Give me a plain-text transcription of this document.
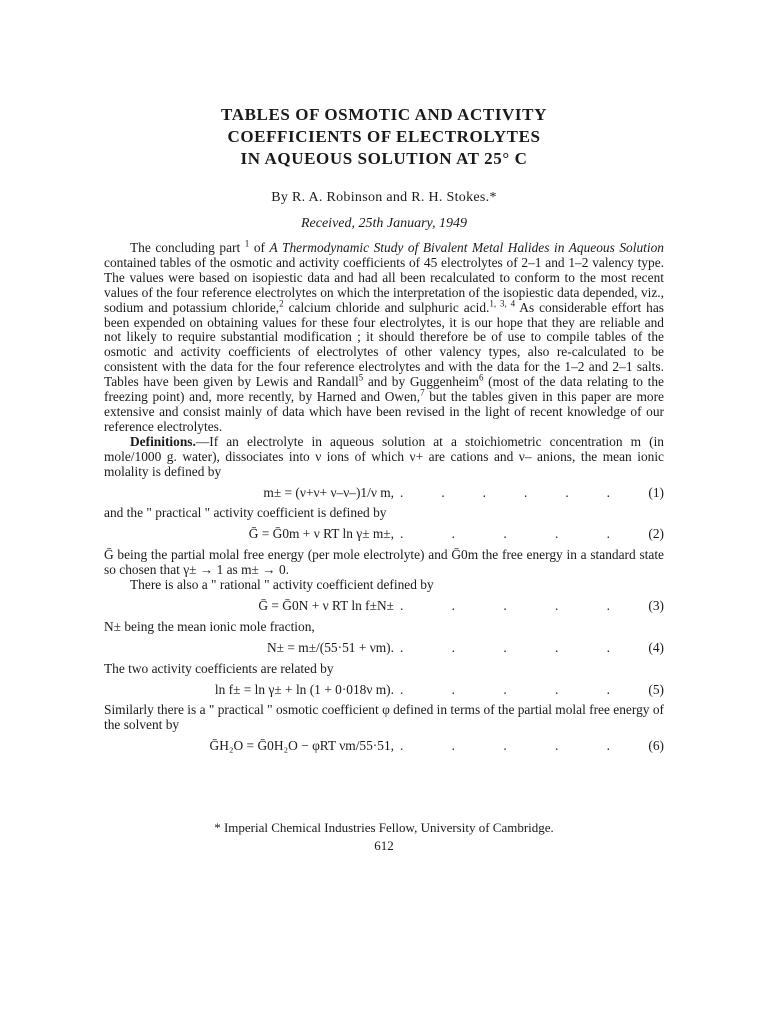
TABLES OF OSMOTIC AND ACTIVITY
COEFFICIENTS OF ELECTROLYTES
IN AQUEOUS SOLUTION AT 25° C
By R. A. Robinson and R. H. Stokes.*
Received, 25th January, 1949

The concluding part $^1$ of A Thermodynamic Study of Bivalent Metal Halides in Aqueous Solution contained tables of the osmotic and activity coefficients of 45 electrolytes of 2–1 and 1–2 valency type. The values were based on isopiestic data and had all been recalculated to conform to the most recent values of the four reference electrolytes on which the interpretation of the isopiestic data depended, viz., sodium and potassium chloride,$^2$ calcium chloride and sulphuric acid.$^{1, 3, 4}$ As considerable effort has been expended on obtaining values for these four electrolytes, it is our hope that they are reliable and not likely to require substantial modification ; it should therefore be of use to compile tables of the osmotic and activity coefficients of electrolytes of other valency types, also re-calculated to be consistent with the data for the four reference electrolytes and with the data for the 1–2 and 2–1 salts. Tables have been given by Lewis and Randall$^5$ and by Guggenheim$^6$ (most of the data relating to the freezing point) and, more recently, by Harned and Owen,$^7$ but the tables given in this paper are more extensive and consist mainly of data which have been revised in the light of recent knowledge of our reference electrolytes.

Definitions.—If an electrolyte in aqueous solution at a stoichiometric concentration m (in mole/1000 g. water), dissociates into ν ions of which ν+ are cations and ν– anions, the mean ionic molality is defined by

m± = (ν+ν+ ν–ν–)1/ν m, .	.	.	.	.	.	(1)

and the " practical " activity coefficient is defined by

Ḡ = Ḡ0m + ν RT ln γ± m±, .	.	.	.	.	(2)

Ḡ being the partial molal free energy (per mole electrolyte) and Ḡ0m the free energy in a standard state so chosen that γ± → 1 as m± → 0.

There is also a " rational " activity coefficient defined by

Ḡ = Ḡ0N + ν RT ln f±N± .	.	.	.	.	(3)

N± being the mean ionic mole fraction,

N± = m±/(55·51 + νm). .	.	.	.	.	(4)

The two activity coefficients are related by

ln f± = ln γ± + ln (1 + 0·018ν m). .	.	.	.	.	(5)

Similarly there is a " practical " osmotic coefficient φ defined in terms of the partial molal free energy of the solvent by

ḠH₂O = Ḡ0H₂O − φRT νm/55·51, .	.	.	.	.	(6)
* Imperial Chemical Industries Fellow, University of Cambridge.
612
